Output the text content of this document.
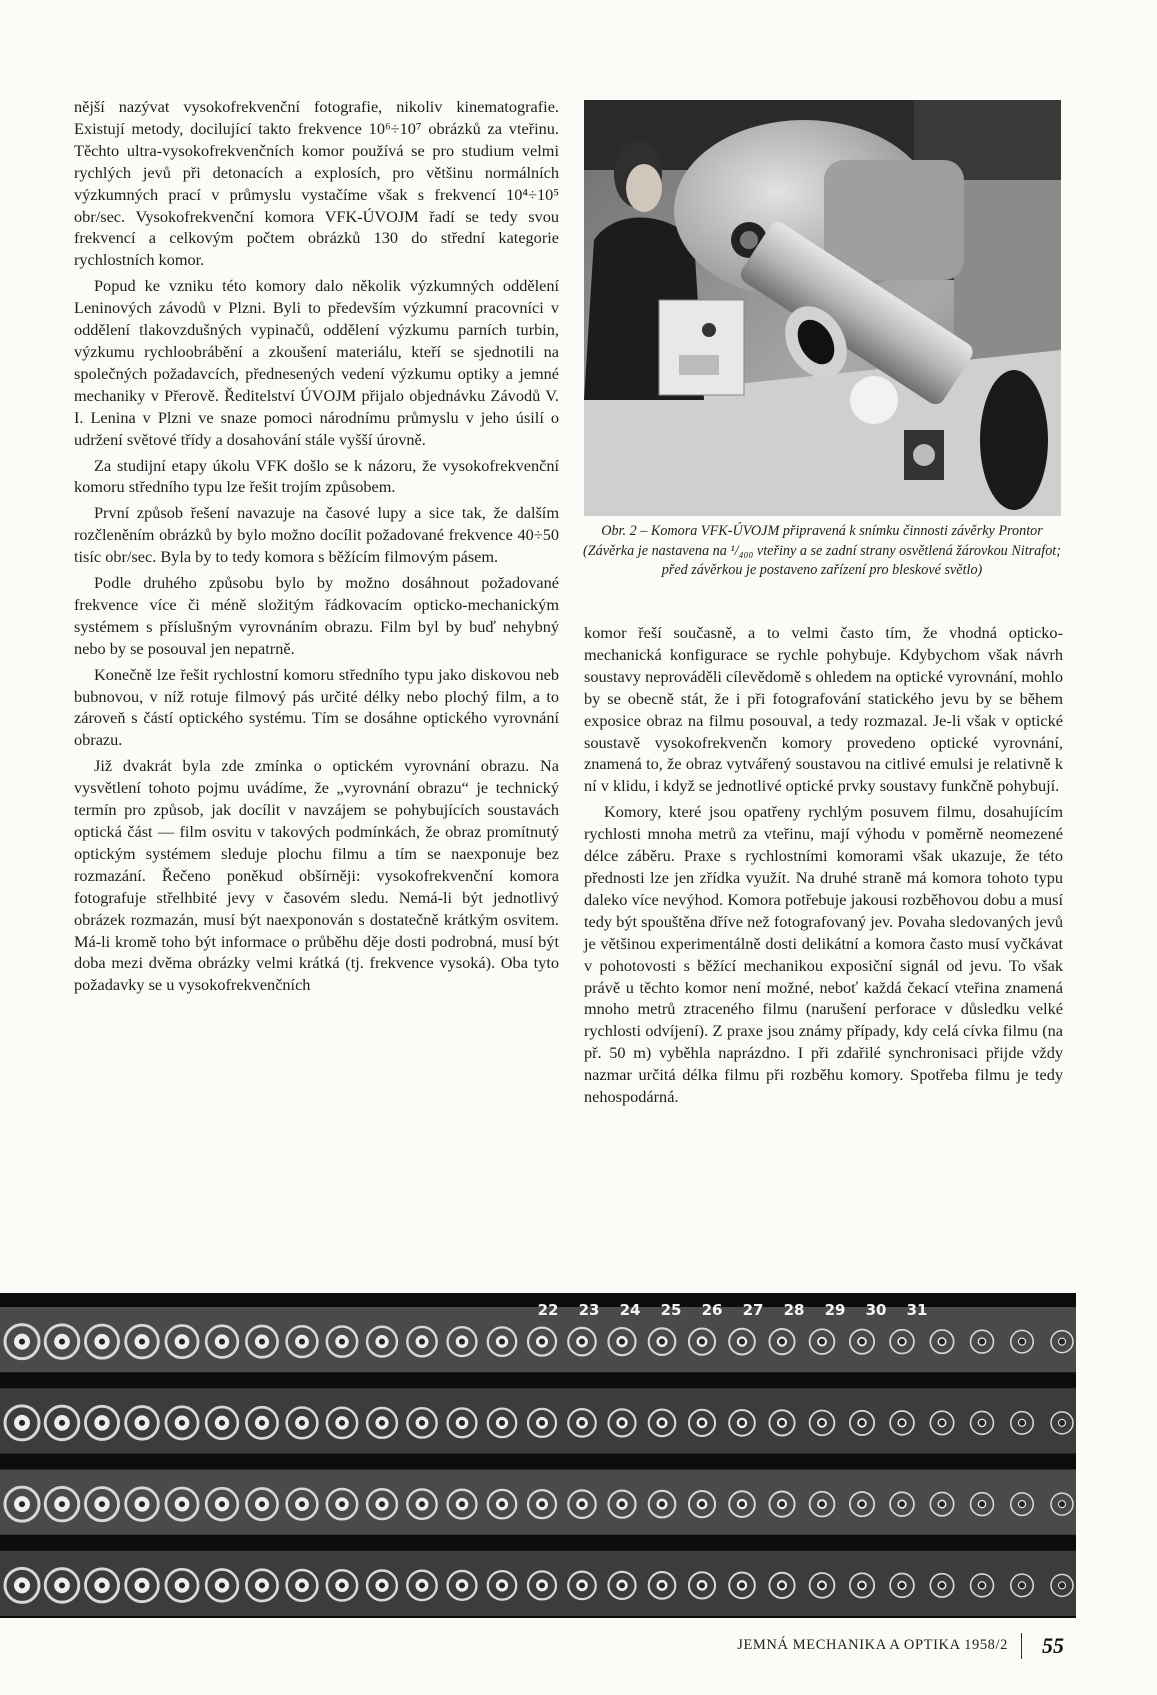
nější nazývat vysokofrekvenční fotografie, nikoliv kinematografie. Existují metody, docilující takto frekvence 10⁶÷10⁷ obrázků za vteřinu. Těchto ultra-vysokofrekvenčních komor používá se pro studium velmi rychlých jevů při detonacích a explosích, pro většinu normálních výzkumných prací v průmyslu vystačíme však s frekvencí 10⁴÷10⁵ obr/sec. Vysokofrekvenční komora VFK-ÚVOJM řadí se tedy svou frekvencí a celkovým počtem obrázků 130 do střední kategorie rychlostních komor.

Popud ke vzniku této komory dalo několik výzkumných oddělení Leninových závodů v Plzni. Byli to především výzkumní pracovníci v oddělení tlakovzdušných vypinačů, oddělení výzkumu parních turbin, výzkumu rychloobrábění a zkoušení materiálu, kteří se sjednotili na společných požadavcích, přednesených vedení výzkumu optiky a jemné mechaniky v Přerově. Ředitelství ÚVOJM přijalo objednávku Závodů V. I. Lenina v Plzni ve snaze pomoci národnímu průmyslu v jeho úsilí o udržení světové třídy a dosahování stále vyšší úrovně.

Za studijní etapy úkolu VFK došlo se k názoru, že vysokofrekvenční komoru středního typu lze řešit trojím způsobem.

První způsob řešení navazuje na časové lupy a sice tak, že dalším rozčleněním obrázků by bylo možno docílit požadované frekvence 40÷50 tisíc obr/sec. Byla by to tedy komora s běžícím filmovým pásem.

Podle druhého způsobu bylo by možno dosáhnout požadované frekvence více či méně složitým řádkovacím opticko-mechanickým systémem s příslušným vyrovnáním obrazu. Film byl by buď nehybný nebo by se posouval jen nepatrně.

Konečně lze řešit rychlostní komoru středního typu jako diskovou neb bubnovou, v níž rotuje filmový pás určité délky nebo plochý film, a to zároveň s částí optického systému. Tím se dosáhne optického vyrovnání obrazu.

Již dvakrát byla zde zmínka o optickém vyrovnání obrazu. Na vysvětlení tohoto pojmu uvádíme, že „vyrovnání obrazu“ je technický termín pro způsob, jak docílit v navzájem se pohybujících soustavách optická část — film osvitu v takových podmínkách, že obraz promítnutý optickým systémem sleduje plochu filmu a tím se naexponuje bez rozmazání. Řečeno poněkud obšírněji: vysokofrekvenční komora fotografuje střelhbité jevy v časovém sledu. Nemá-li být jednotlivý obrázek rozmazán, musí být naexponován s dostatečně krátkým osvitem. Má-li kromě toho být informace o průběhu děje dosti podrobná, musí být doba mezi dvěma obrázky velmi krátká (tj. frekvence vysoká). Oba tyto požadavky se u vysokofrekvenčních

Obr. 2 – Komora VFK-ÚVOJM připravená k snímku činnosti závěrky Prontor (Závěrka je nastavena na ¹/₄₀₀ vteřiny a se zadní strany osvětlená žárovkou Nitrafot; před závěrkou je postaveno zařízení pro bleskové světlo)

komor řeší současně, a to velmi často tím, že vhodná opticko-mechanická konfigurace se rychle pohybuje. Kdybychom však návrh soustavy neprováděli cílevědomě s ohledem na optické vyrovnání, mohlo by se obecně stát, že i při fotografování statického jevu by se během exposice obraz na filmu posouval, a tedy rozmazal. Je-li však v optické soustavě vysokofrekvenčn komory provedeno optické vyrovnání, znamená to, že obraz vytvářený soustavou na citlivé emulsi je relativně k ní v klidu, i když se jednotlivé optické prvky soustavy funkčně pohybují.

Komory, které jsou opatřeny rychlým posuvem filmu, dosahujícím rychlosti mnoha metrů za vteřinu, mají výhodu v poměrně neomezené délce záběru. Praxe s rychlostními komorami však ukazuje, že této přednosti lze jen zřídka využít. Na druhé straně má komora tohoto typu daleko více nevýhod. Komora potřebuje jakousi rozběhovou dobu a musí tedy být spouštěna dříve než fotografovaný jev. Povaha sledovaných jevů je většinou experimentálně dosti delikátní a komora často musí vyčkávat v pohotovosti s běžící mechanikou exposiční signál od jevu. To však právě u těchto komor není možné, neboť každá čekací vteřina znamená mnoho metrů ztraceného filmu (narušení perforace v důsledku velké rychlosti odvíjení). Z praxe jsou známy případy, kdy celá cívka filmu (na př. 50 m) vyběhla naprázdno. I při zdařilé synchronisaci přijde vždy nazmar určitá délka filmu při rozběhu komory. Spotřeba filmu je tedy nehospodárná.

22 23 24 25 26 27 28 29 30 31
JEMNÁ MECHANIKA A OPTIKA 1958/2 55
